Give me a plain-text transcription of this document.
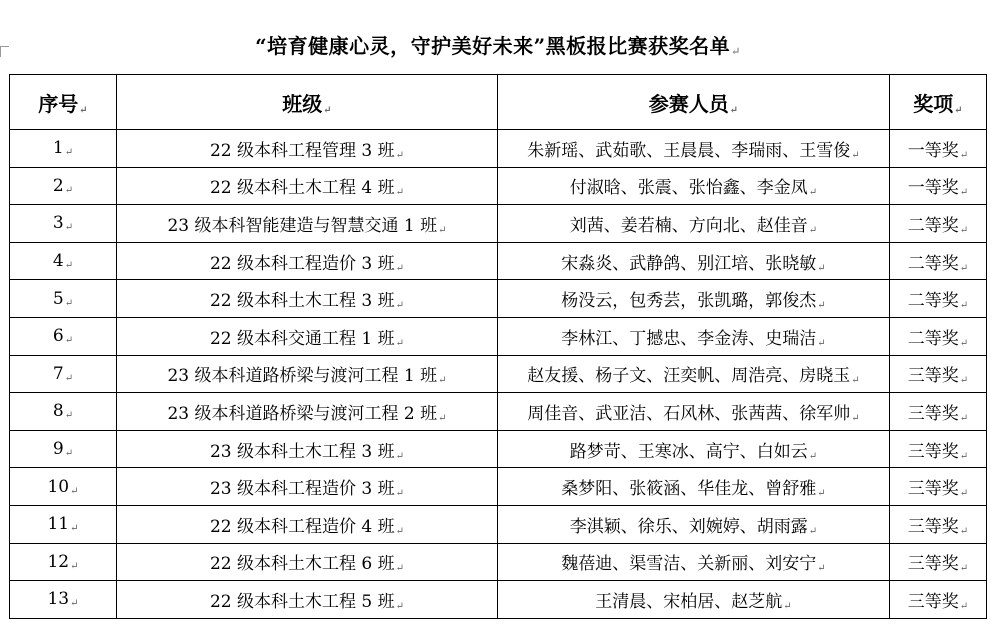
“培育健康心灵，守护美好未来”黑板报比赛获奖名单↵
序号↵	班级↵	参赛人员↵	奖项↵
1↵	22 级本科工程管理 3 班↵	朱新瑶、武茹歌、王晨晨、李瑞雨、王雪俊↵	一等奖↵
2↵	22 级本科土木工程 4 班↵	付淑晗、张震、张怡鑫、李金凤↵	一等奖↵
3↵	23 级本科智能建造与智慧交通 1 班↵	刘茜、姜若楠、方向北、赵佳音↵	二等奖↵
4↵	22 级本科工程造价 3 班↵	宋淼炎、武静鸽、别江培、张晓敏↵	二等奖↵
5↵	22 级本科土木工程 3 班↵	杨没云，包秀芸，张凯璐，郭俊杰↵	二等奖↵
6↵	22 级本科交通工程 1 班↵	李林江、丁撼忠、李金涛、史瑞洁↵	二等奖↵
7↵	23 级本科道路桥梁与渡河工程 1 班↵	赵友援、杨子文、汪奕帆、周浩亮、房晓玉↵	三等奖↵
8↵	23 级本科道路桥梁与渡河工程 2 班↵	周佳音、武亚洁、石风林、张茜茜、徐军帅↵	三等奖↵
9↵	23 级本科土木工程 3 班↵	路梦苛、王寒冰、高宁、白如云↵	三等奖↵
10↵	23 级本科工程造价 3 班↵	桑梦阳、张筱涵、华佳龙、曾舒雅↵	三等奖↵
11↵	22 级本科工程造价 4 班↵	李淇颖、徐乐、刘婉婷、胡雨露↵	三等奖↵
12↵	22 级本科土木工程 6 班↵	魏蓓迪、渠雪洁、关新丽、刘安宁↵	三等奖↵
13↵	22 级本科土木工程 5 班↵	王清晨、宋柏居、赵芝航↵	三等奖↵
